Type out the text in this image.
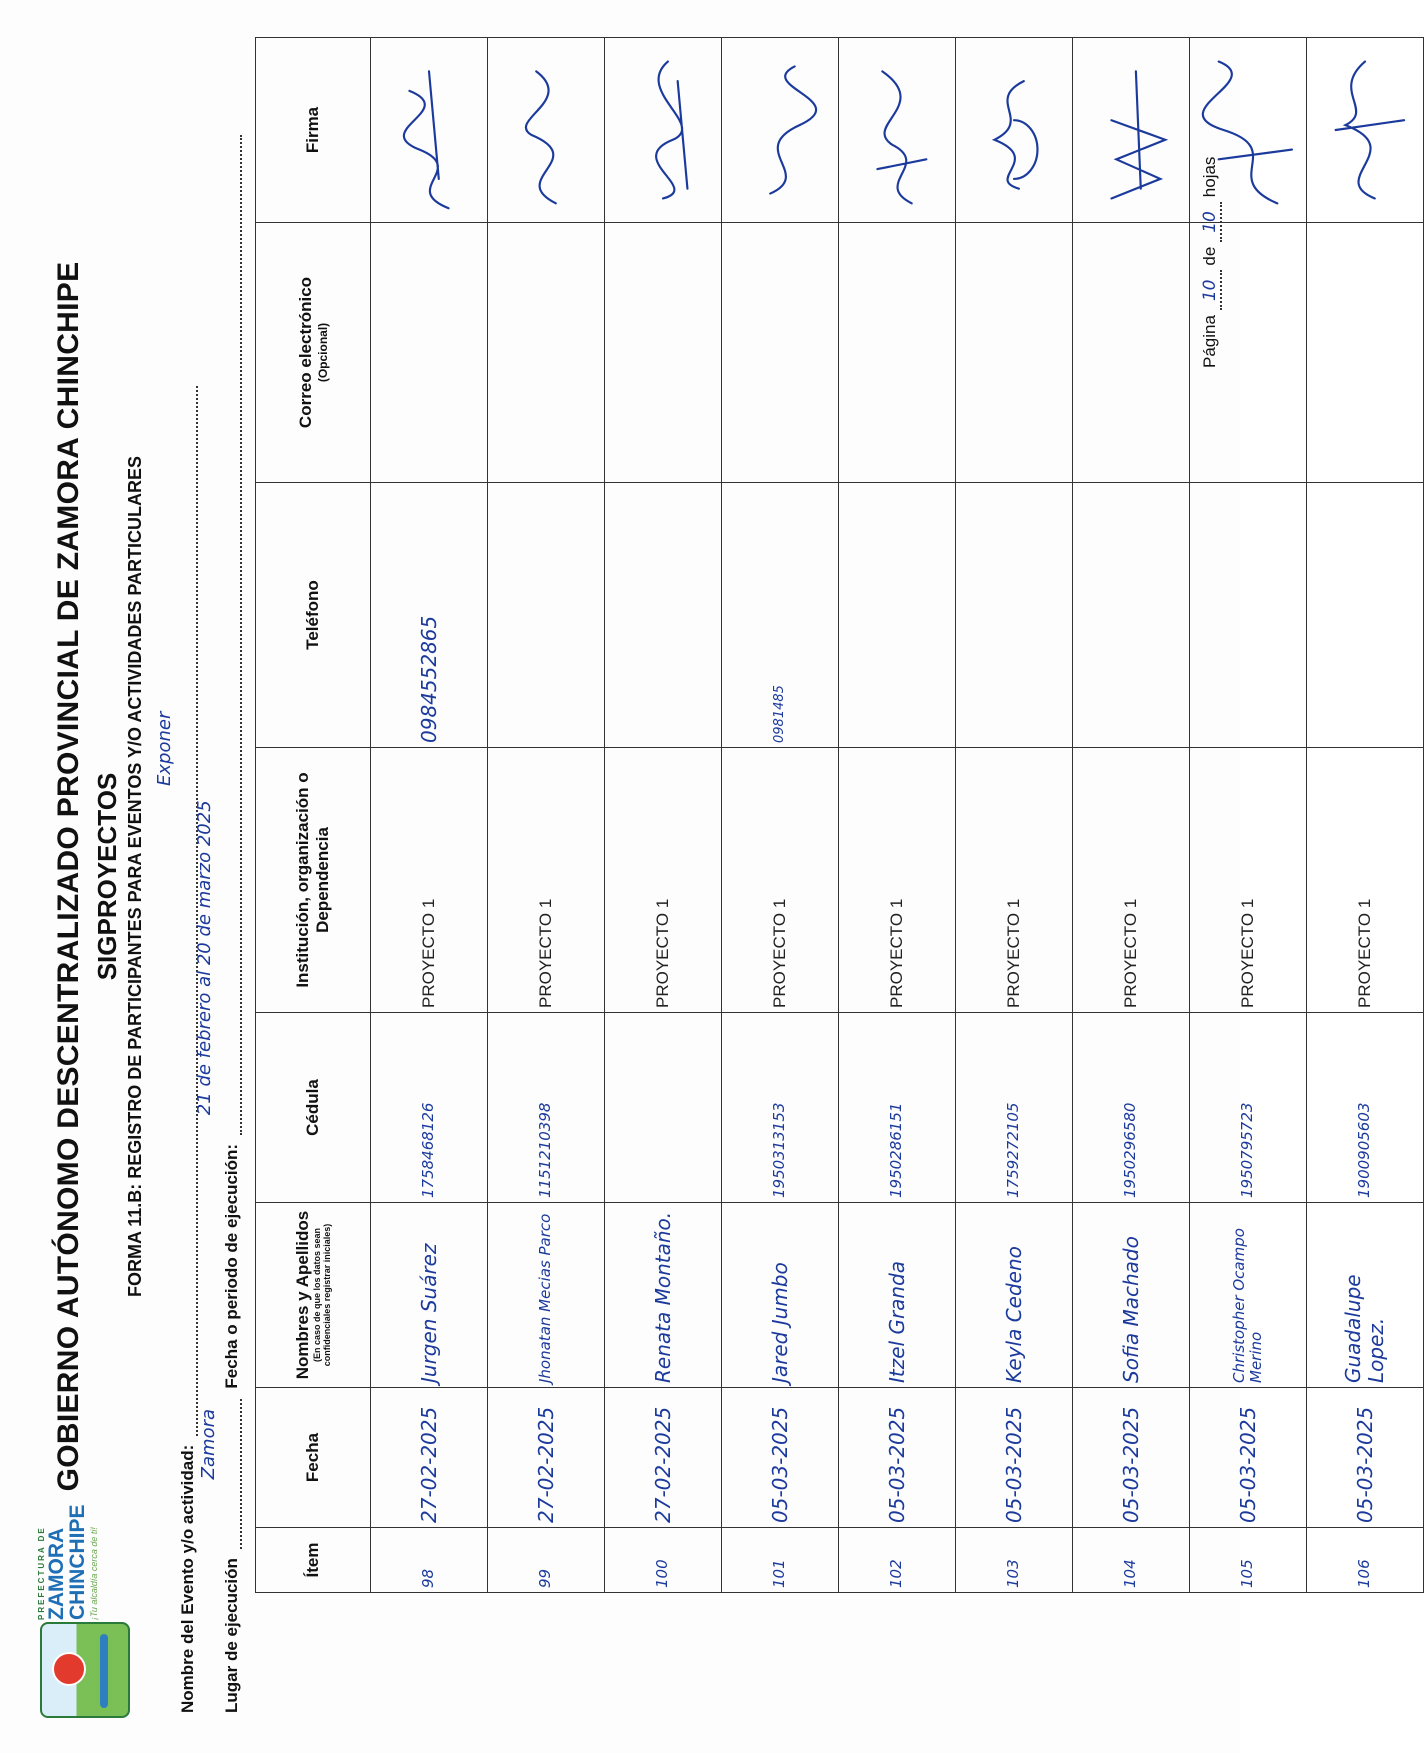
PREFECTURA DE ZAMORA
CHINCHIPE ¡Tu alcaldía cerca de ti!
GOBIERNO AUTÓNOMO DESCENTRALIZADO PROVINCIAL DE ZAMORA CHINCHIPE SIGPROYECTOS FORMA 11.B: REGISTRO DE PARTICIPANTES PARA EVENTOS Y/O ACTIVIDADES PARTICULARES
Nombre del Evento y/o actividad:
Exponer
Lugar de ejecución
Zamora
Fecha o periodo de ejecución:
21 de febrero al 20 de marzo 2025
Ítem	Fecha	Nombres y Apellidos (En caso de que los datos sean confidenciales registrar iniciales)	Cédula	Institución, organización o Dependencia	Teléfono	Correo electrónico (Opcional)	Firma

98	27-02-2025	Jurgen Suárez	1758468126	PROYECTO 1	0984552865

99	27-02-2025	Jhonatan Mecias Parco	1151210398	PROYECTO 1	

100	27-02-2025	Renata Montaño.		PROYECTO 1	

101	05-03-2025	Jared Jumbo	1950313153	PROYECTO 1	0981485

102	05-03-2025	Itzel Granda	1950286151	PROYECTO 1	

103	05-03-2025	Keyla Cedeno	1759272105	PROYECTO 1	

104	05-03-2025	Sofia Machado	1950296580	PROYECTO 1	

105	05-03-2025	Christopher Ocampo Merino	1950795723	PROYECTO 1	

106	05-03-2025	Guadalupe Lopez.	1900905603	PROYECTO 1	

Página 10 de 10 hojas
